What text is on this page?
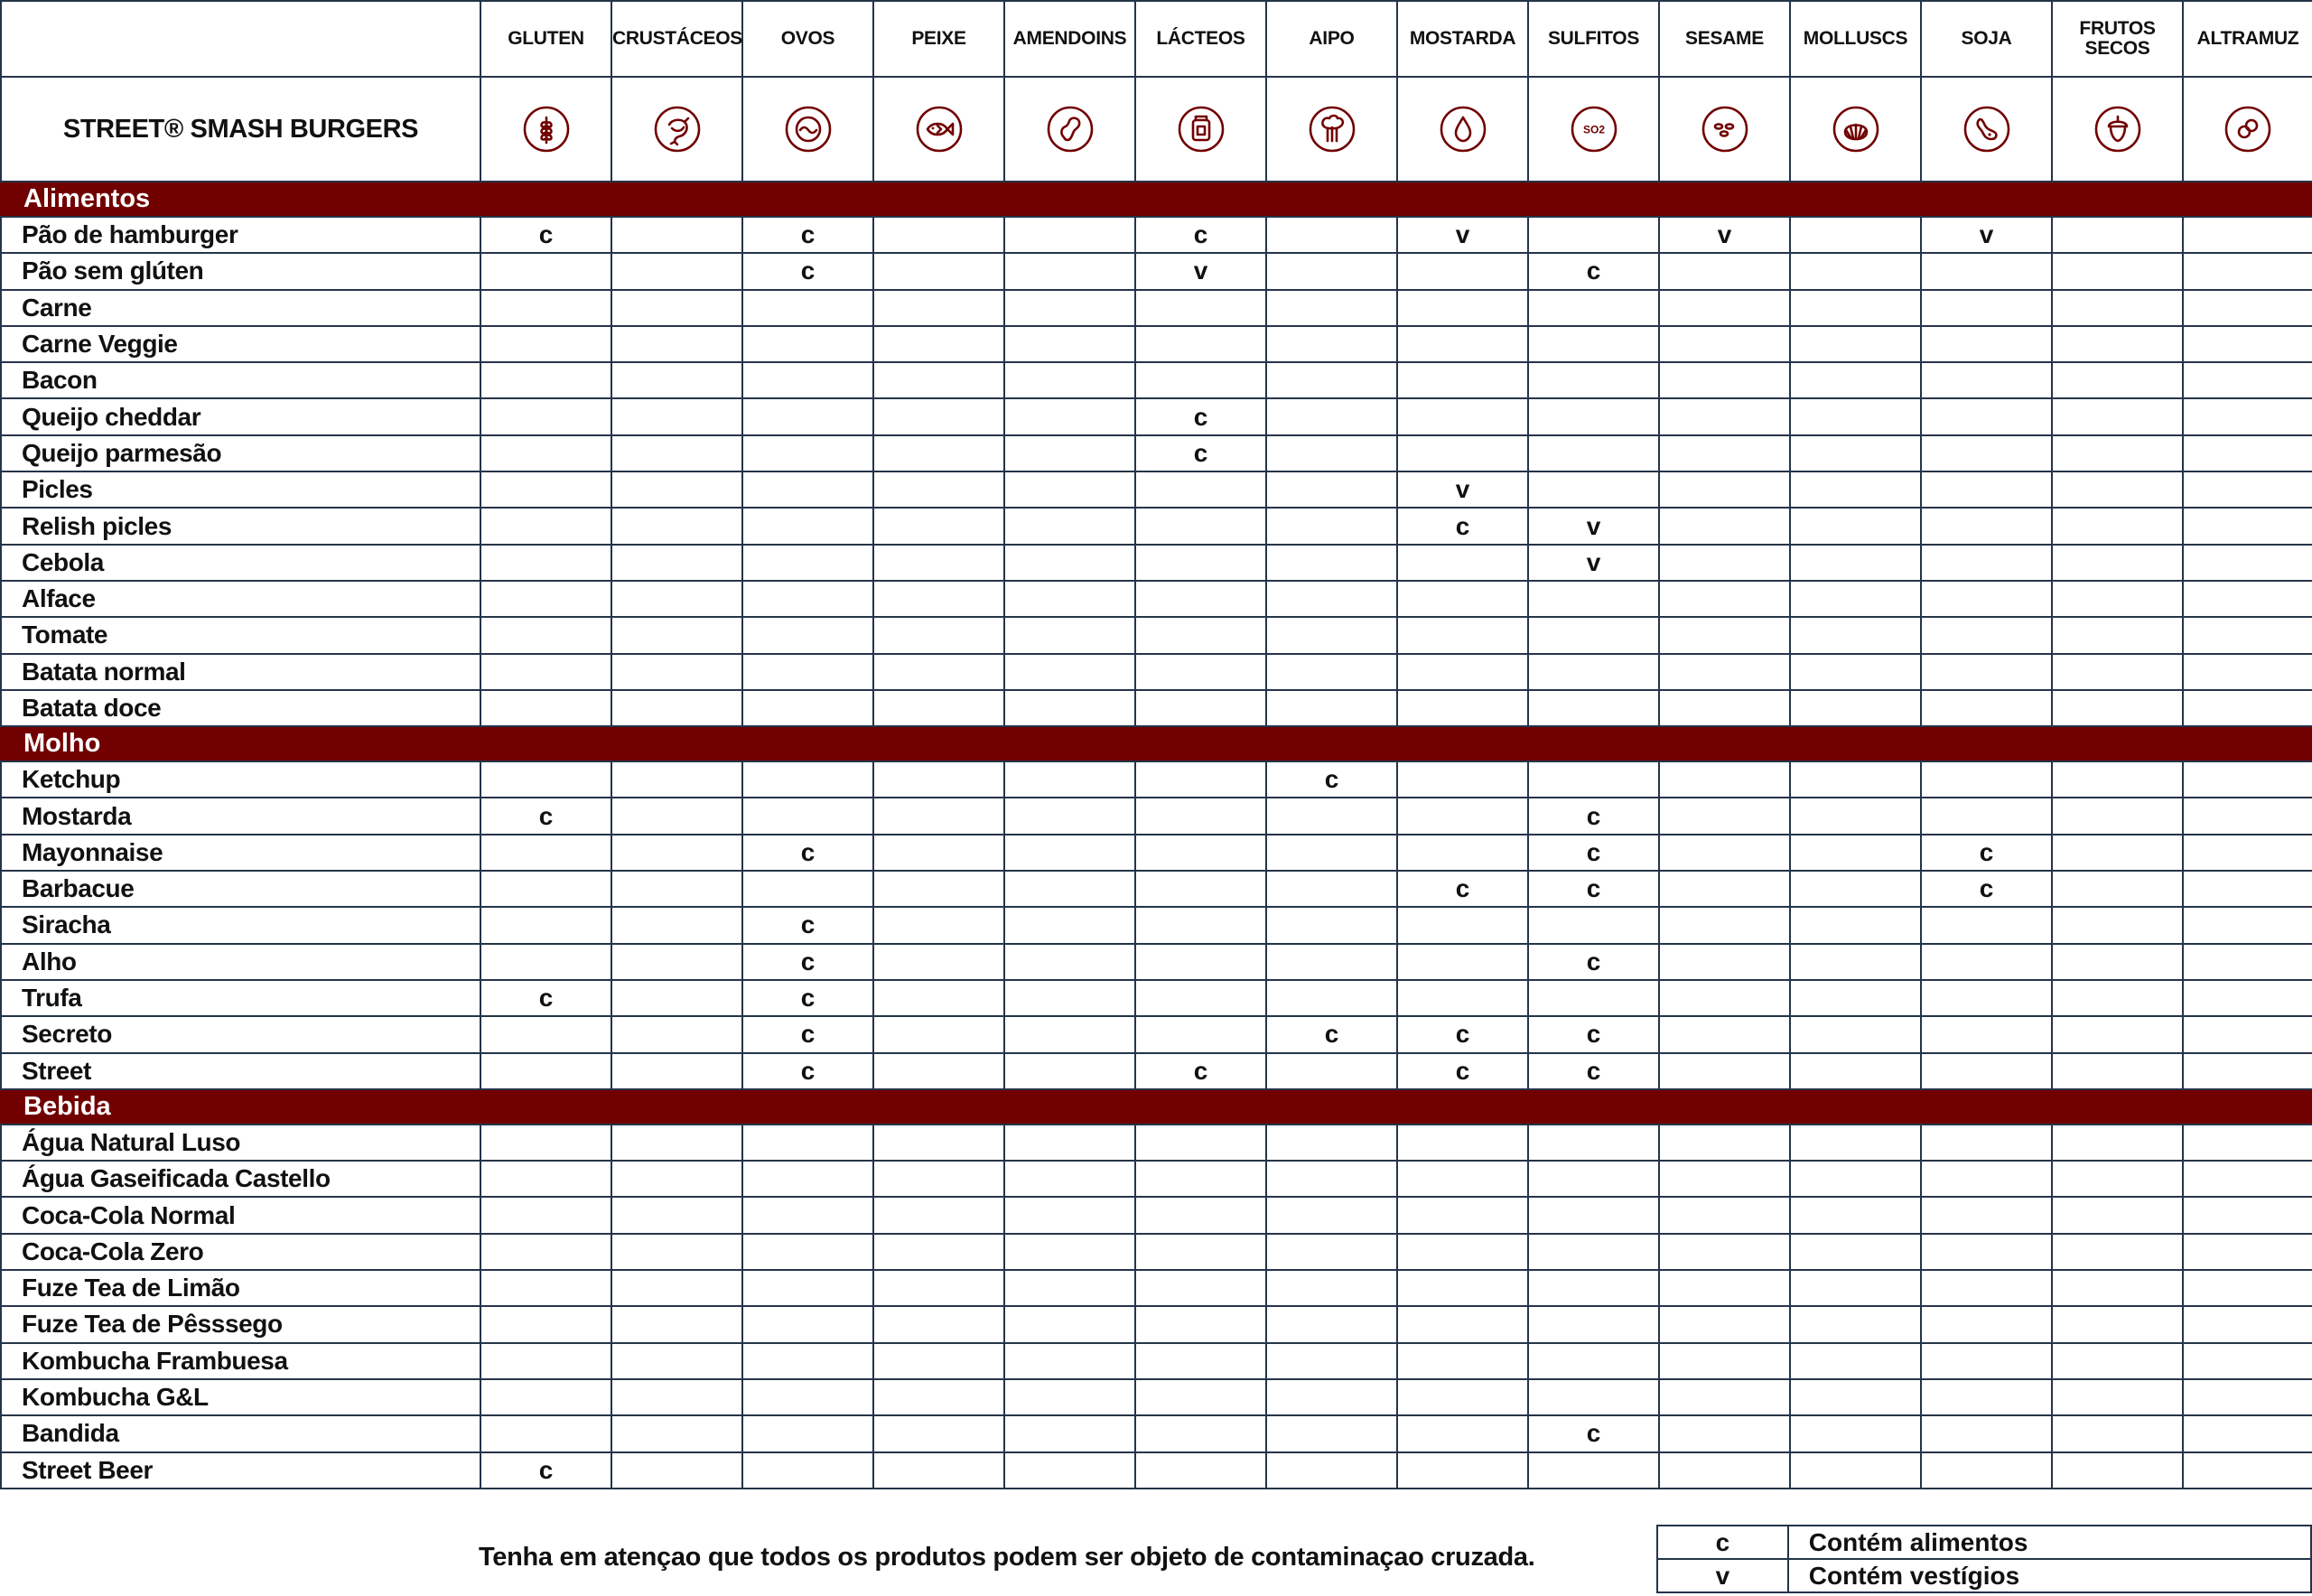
	GLUTEN	CRUSTÁCEOS	OVOS	PEIXE	AMENDOINS	LÁCTEOS	AIPO	MOSTARDA	SULFITOS	SESAME	MOLLUSCS	SOJA	FRUTOS SECOS	ALTRAMUZ
STREET® SMASH BURGERS									SO2

Alimentos														
Pão de hamburger	c		c			c		v		v		v		
Pão sem glúten			c			v			c					
Carne														
Carne Veggie														
Bacon														
Queijo cheddar						c								
Queijo parmesão						c								
Picles								v						
Relish picles								c	v					
Cebola									v					
Alface														
Tomate														
Batata normal														
Batata doce														
Molho														
Ketchup							c							
Mostarda	c								c					
Mayonnaise			c						c			c		
Barbacue								c	c			c		
Siracha			c											
Alho			c						c					
Trufa	c		c											
Secreto			c				c	c	c					
Street			c			c		c	c					
Bebida														
Água Natural Luso														
Água Gaseificada Castello														
Coca-Cola Normal														
Coca-Cola Zero														
Fuze Tea de Limão														
Fuze Tea de Pêsssego														
Kombucha Frambuesa														
Kombucha G&L														
Bandida									c					
Street Beer	c													
Tenha em atençao que todos os produtos podem ser objeto de contaminaçao cruzada.
c	Contém alimentos
v	Contém vestígios
